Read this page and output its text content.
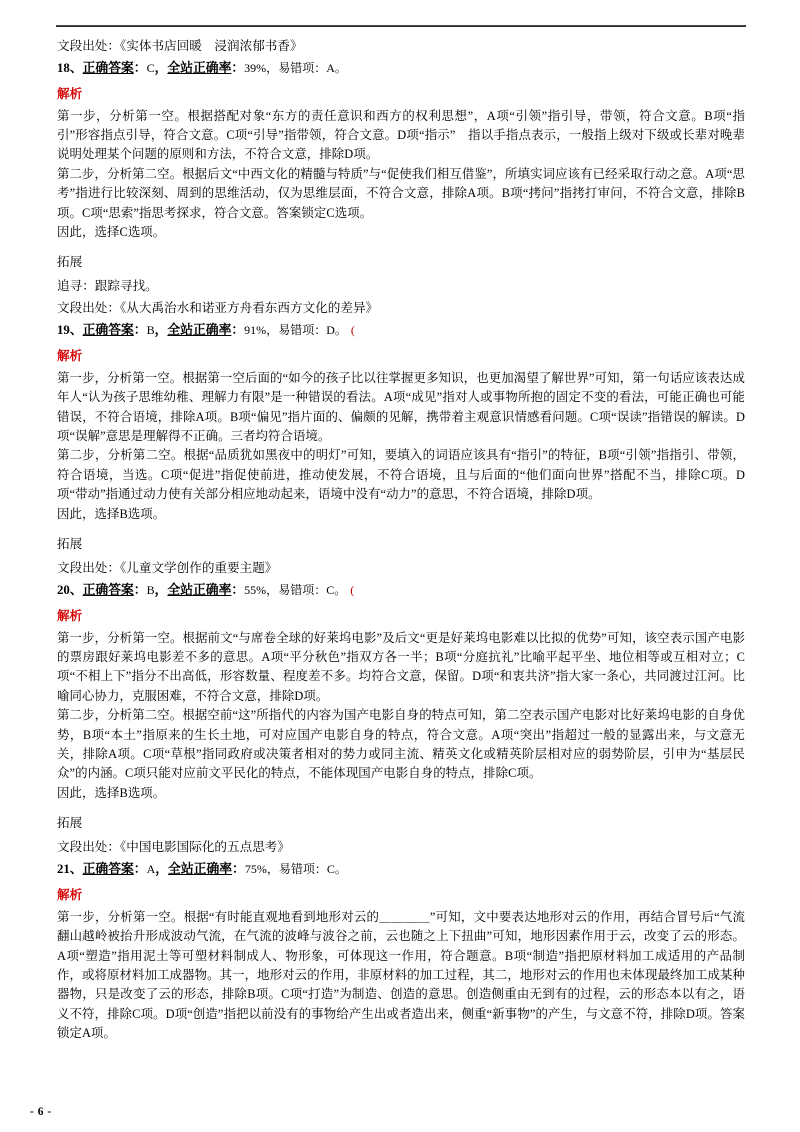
文段出处：《实体书店回暖　浸润浓郁书香》

18、正确答案：C，全站正确率：39%，易错项：A。

解析

第一步，分析第一空。根据搭配对象“东方的责任意识和西方的权利思想”，A项“引领”指引导，带领，符合文意。B项“指引”形容指点引导，符合文意。C项“引导”指带领，符合文意。D项“指示”　指以手指点表示，一般指上级对下级或长辈对晚辈说明处理某个问题的原则和方法，不符合文意，排除D项。

第二步，分析第二空。根据后文“中西文化的精髓与特质”与“促使我们相互借鉴”，所填实词应该有已经采取行动之意。A项“思考”指进行比较深刻、周到的思维活动，仅为思维层面，不符合文意，排除A项。B项“拷问”指拷打审问，不符合文意，排除B项。C项“思索”指思考探求，符合文意。答案锁定C选项。

因此，选择C选项。

拓展

追寻：跟踪寻找。

文段出处：《从大禹治水和诺亚方舟看东西方文化的差异》

19、正确答案：B，全站正确率：91%，易错项：D。 (

解析

第一步，分析第一空。根据第一空后面的“如今的孩子比以往掌握更多知识，也更加渴望了解世界”可知，第一句话应该表达成年人“认为孩子思维幼稚、理解力有限”是一种错误的看法。A项“成见”指对人或事物所抱的固定不变的看法，可能正确也可能错误，不符合语境，排除A项。B项“偏见”指片面的、偏颇的见解，携带着主观意识情感看问题。C项“误读”指错误的解读。D项“误解”意思是理解得不正确。三者均符合语境。

第二步，分析第二空。根据“品质犹如黑夜中的明灯”可知，要填入的词语应该具有“指引”的特征，B项“引领”指指引、带领，符合语境，当选。C项“促进”指促使前进，推动使发展，不符合语境，且与后面的“他们面向世界”搭配不当，排除C项。D项“带动”指通过动力使有关部分相应地动起来，语境中没有“动力”的意思，不符合语境，排除D项。

因此，选择B选项。

拓展

文段出处：《儿童文学创作的重要主题》

20、正确答案：B，全站正确率：55%，易错项：C。 (

解析

第一步，分析第一空。根据前文“与席卷全球的好莱坞电影”及后文“更是好莱坞电影难以比拟的优势”可知，该空表示国产电影的票房跟好莱坞电影差不多的意思。A项“平分秋色”指双方各一半；B项“分庭抗礼”比喻平起平坐、地位相等或互相对立；C项“不相上下”指分不出高低，形容数量、程度差不多。均符合文意，保留。D项“和衷共济”指大家一条心，共同渡过江河。比喻同心协力，克服困难，不符合文意，排除D项。

第二步，分析第二空。根据空前“这”所指代的内容为国产电影自身的特点可知，第二空表示国产电影对比好莱坞电影的自身优势，B项“本土”指原来的生长土地，可对应国产电影自身的特点，符合文意。A项“突出”指超过一般的显露出来，与文意无关，排除A项。C项“草根”指同政府或决策者相对的势力或同主流、精英文化或精英阶层相对应的弱势阶层，引申为“基层民众”的内涵。C项只能对应前文平民化的特点，不能体现国产电影自身的特点，排除C项。

因此，选择B选项。

拓展

文段出处：《中国电影国际化的五点思考》

21、正确答案：A，全站正确率：75%，易错项：C。

解析

第一步，分析第一空。根据“有时能直观地看到地形对云的＿＿＿＿”可知，文中要表达地形对云的作用，再结合冒号后“气流翻山越岭被抬升形成波动气流，在气流的波峰与波谷之前，云也随之上下扭曲”可知，地形因素作用于云，改变了云的形态。A项“塑造”指用泥土等可塑材料制成人、物形象，可体现这一作用，符合题意。B项“制造”指把原材料加工成适用的产品制作，或将原材料加工成器物。其一，地形对云的作用，非原材料的加工过程，其二，地形对云的作用也未体现最终加工成某种器物，只是改变了云的形态，排除B项。C项“打造”为制造、创造的意思。创造侧重由无到有的过程，云的形态本以有之，语义不符，排除C项。D项“创造”指把以前没有的事物给产生出或者造出来，侧重“新事物”的产生，与文意不符，排除D项。答案锁定A项。

- 6 -
